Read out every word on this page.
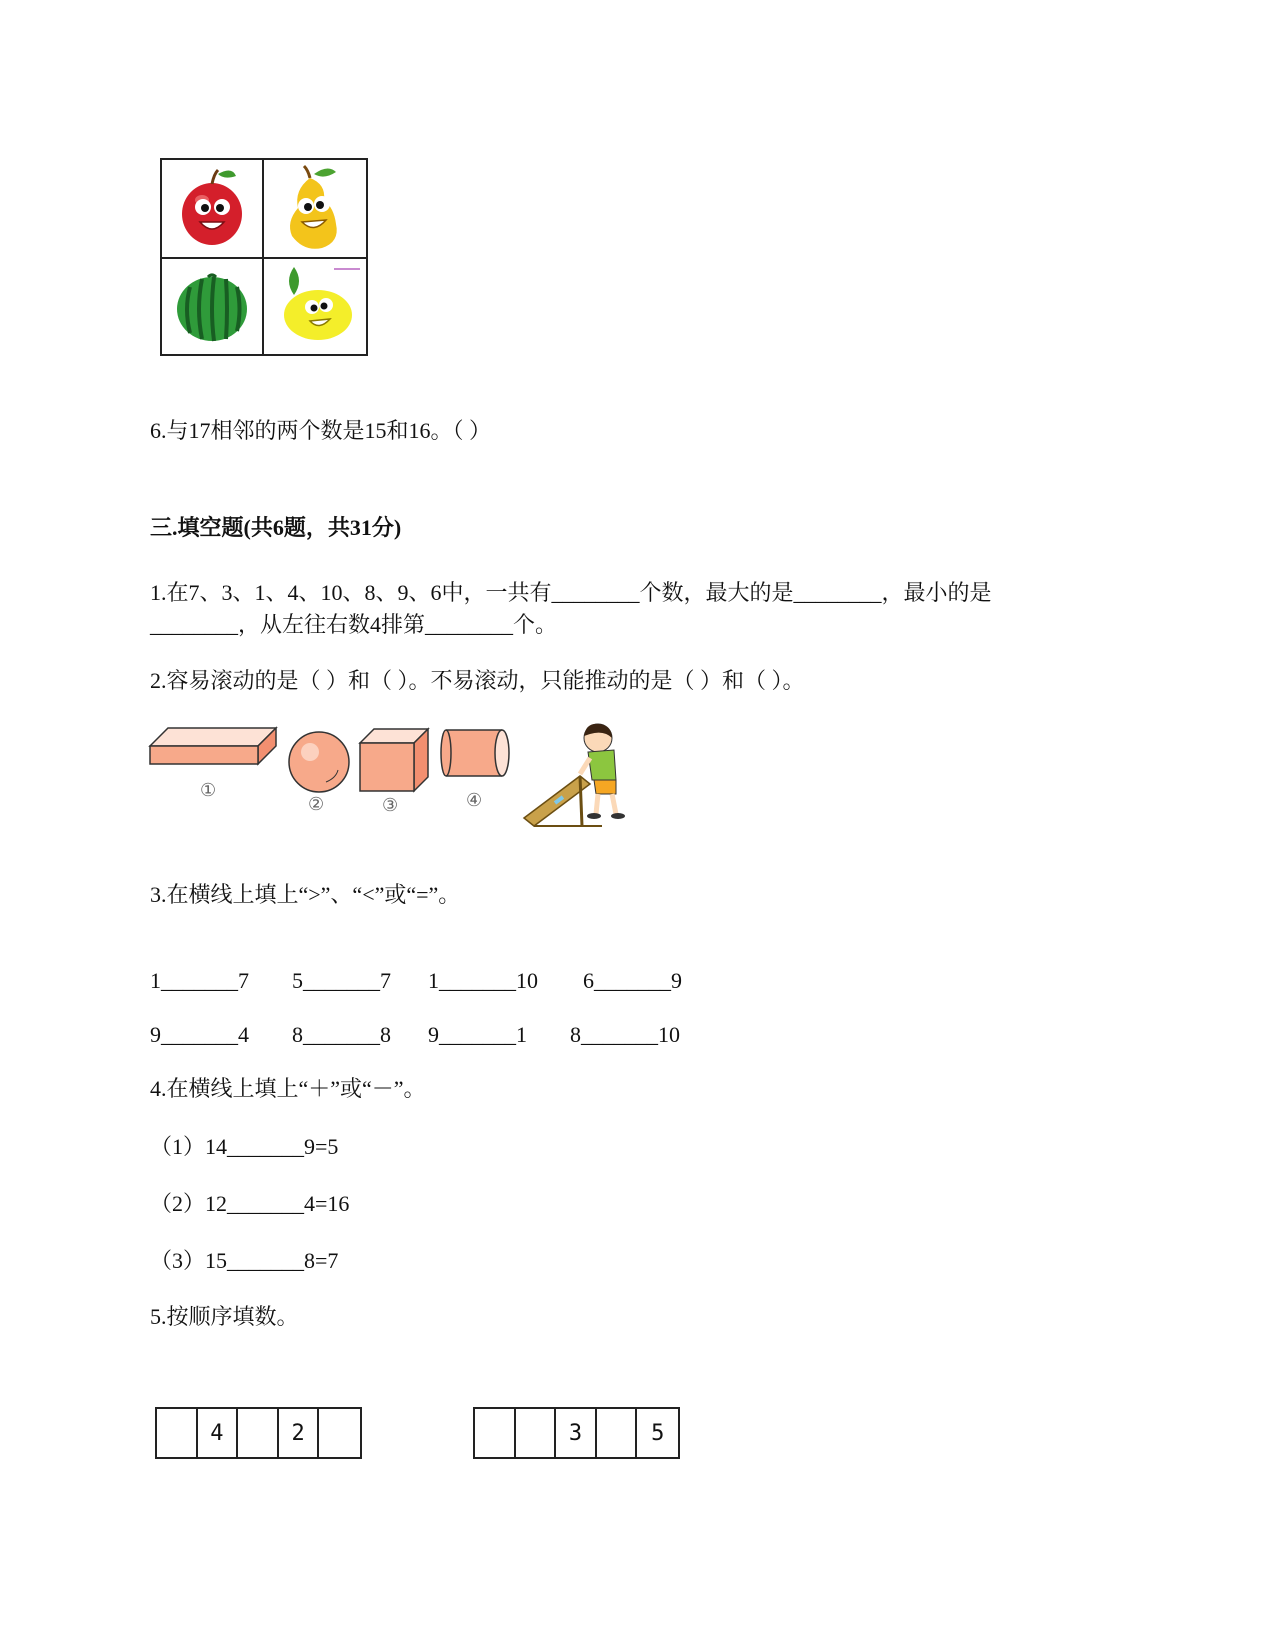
6.与17相邻的两个数是15和16。（ ）
三.填空题(共6题，共31分)
1.在7、3、1、4、10、8、9、6中，一共有________个数，最大的是________，最小的是
________，从左往右数4排第________个。
2.容易滚动的是（ ）和（ ）。不易滚动，只能推动的是（ ）和（ ）。
①
②	③	④
3.在横线上填上“>”、“<”或“=”。
1_______7 5_______7 1_______10 6_______9
9_______4 8_______8 9_______1 8_______10
4.在横线上填上“＋”或“－”。
（1）14_______9=5
（2）12_______4=16
（3）15_______8=7
5.按顺序填数。
4	2	3	5
